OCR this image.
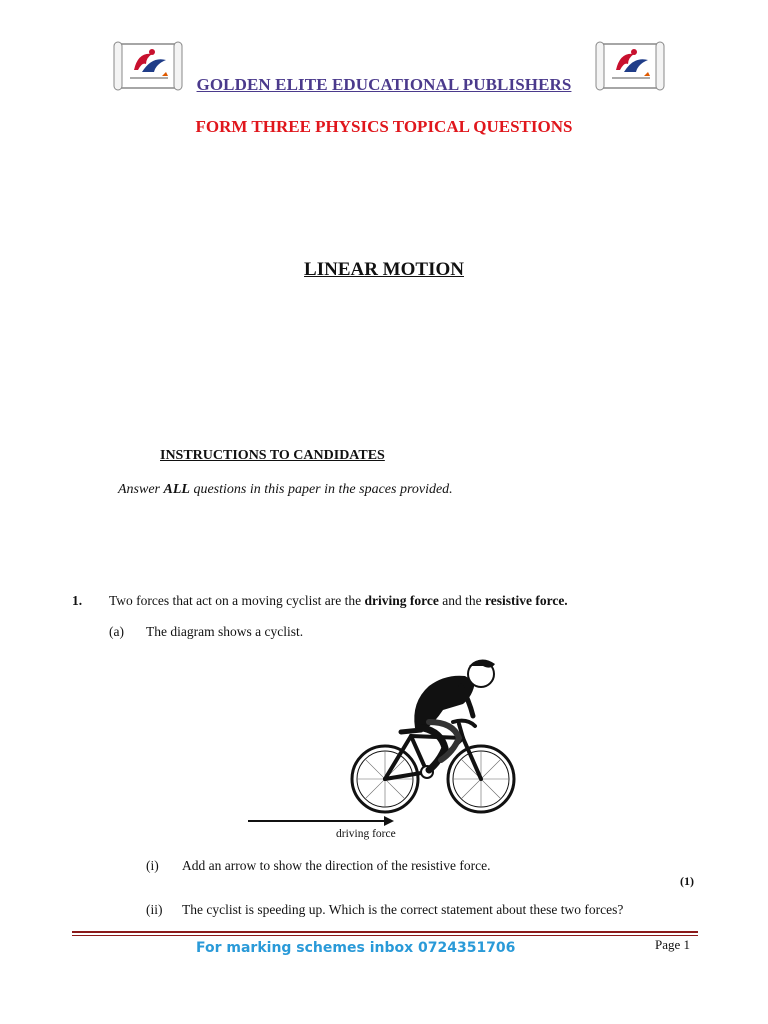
GOLDEN ELITE EDUCATIONAL PUBLISHERS
FORM THREE PHYSICS TOPICAL QUESTIONS
LINEAR MOTION
INSTRUCTIONS TO CANDIDATES
Answer ALL questions in this paper in the spaces provided.
1. Two forces that act on a moving cyclist are the driving force and the resistive force.
(a) The diagram shows a cyclist.
driving force
(i) Add an arrow to show the direction of the resistive force.
(1)
(ii) The cyclist is speeding up. Which is the correct statement about these two forces?
For marking schemes inbox 0724351706	Page 1
